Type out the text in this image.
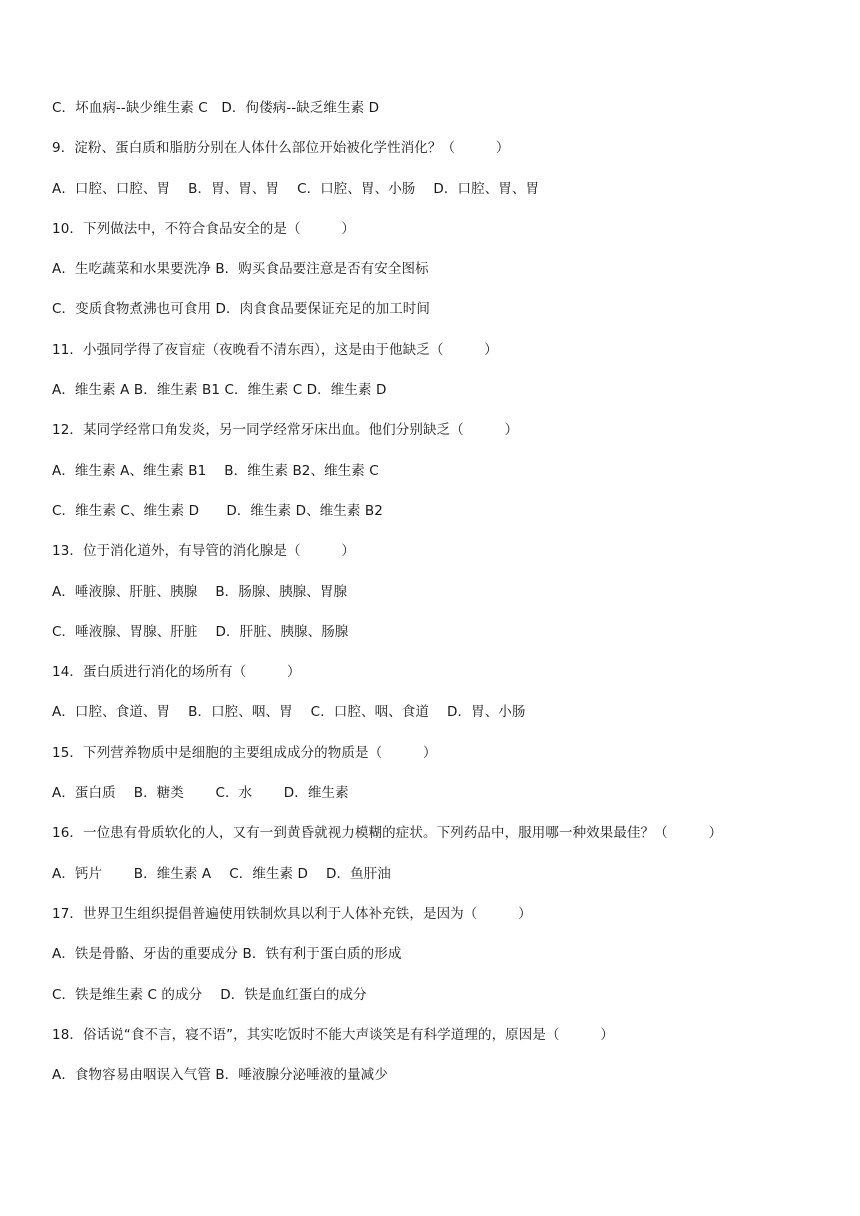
C．坏血病--缺少维生素 C　D．佝偻病--缺乏维生素 D
9．淀粉、蛋白质和脂肪分别在人体什么部位开始被化学性消化？（　　　）
A．口腔、口腔、胃　 B．胃、胃、胃　 C．口腔、胃、小肠　 D．口腔、胃、胃
10．下列做法中，不符合食品安全的是（　　　）
A．生吃蔬菜和水果要洗净 B．购买食品要注意是否有安全图标
C．变质食物煮沸也可食用 D．肉食食品要保证充足的加工时间
11．小强同学得了夜盲症（夜晚看不清东西），这是由于他缺乏（　　　）
A．维生素 A B．维生素 B1 C．维生素 C D．维生素 D
12．某同学经常口角发炎，另一同学经常牙床出血。他们分别缺乏（　　　）
A．维生素 A、维生素 B1　 B．维生素 B2、维生素 C
C．维生素 C、维生素 D　　D．维生素 D、维生素 B2
13．位于消化道外，有导管的消化腺是（　　　）
A．唾液腺、肝脏、胰腺　 B．肠腺、胰腺、胃腺
C．唾液腺、胃腺、肝脏　 D．肝脏、胰腺、肠腺
14．蛋白质进行消化的场所有（　　　）
A．口腔、食道、胃　 B．口腔、咽、胃　 C．口腔、咽、食道　 D．胃、小肠
15．下列营养物质中是细胞的主要组成成分的物质是（　　　）
A．蛋白质　 B．糖类　　 C．水　　 D．维生素
16．一位患有骨质软化的人，又有一到黄昏就视力模糊的症状。下列药品中，服用哪一种效果最佳？（　　　）
A．钙片　　 B．维生素 A　 C．维生素 D　 D．鱼肝油
17．世界卫生组织提倡普遍使用铁制炊具以利于人体补充铁，是因为（　　　）
A．铁是骨骼、牙齿的重要成分 B．铁有利于蛋白质的形成
C．铁是维生素 C 的成分　 D．铁是血红蛋白的成分
18．俗话说“食不言，寝不语”，其实吃饭时不能大声谈笑是有科学道理的，原因是（　　　）
A．食物容易由咽误入气管 B．唾液腺分泌唾液的量减少
